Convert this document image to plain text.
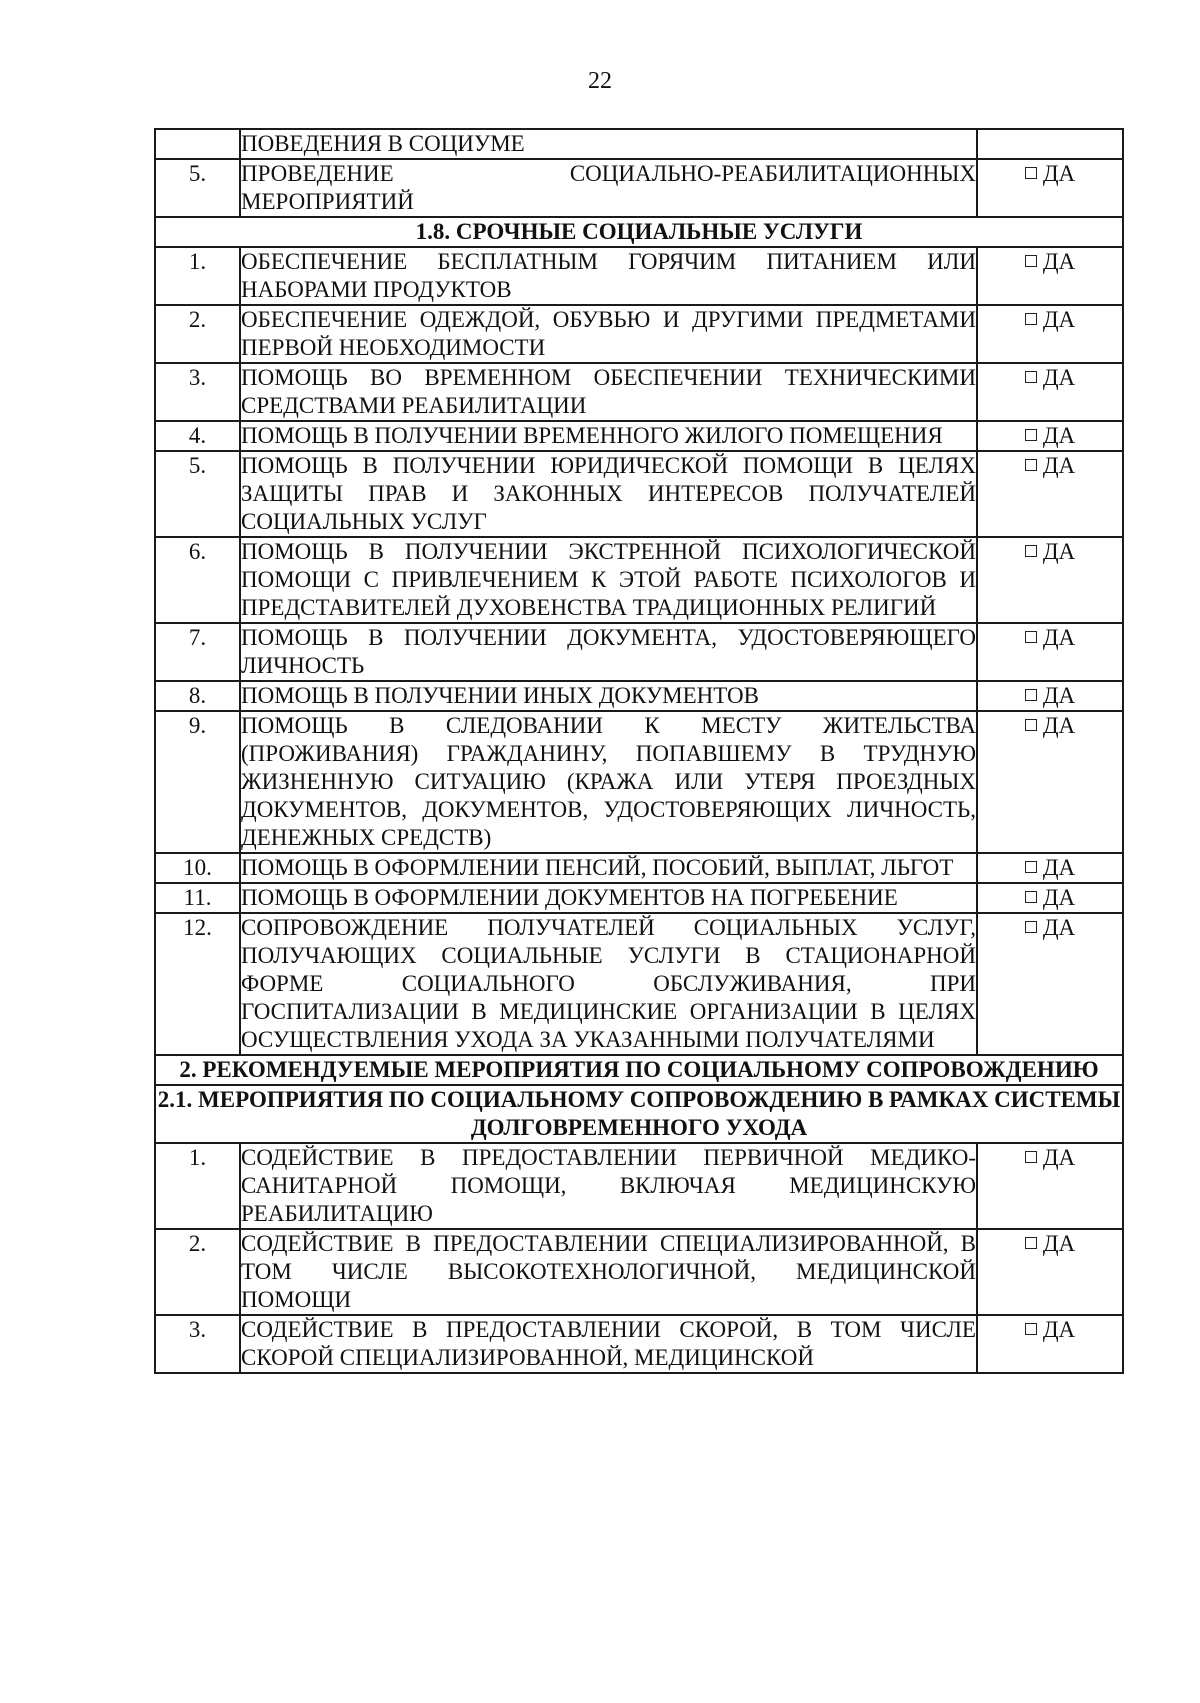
22
	ПОВЕДЕНИЯ В СОЦИУМЕ	
5.	ПРОВЕДЕНИЕ СОЦИАЛЬНО-РЕАБИЛИТАЦИОННЫХ МЕРОПРИЯТИЙ	ДА
1.8. СРОЧНЫЕ СОЦИАЛЬНЫЕ УСЛУГИ		
1.	ОБЕСПЕЧЕНИЕ БЕСПЛАТНЫМ ГОРЯЧИМ ПИТАНИЕМ ИЛИ НАБОРАМИ ПРОДУКТОВ	ДА
2.	ОБЕСПЕЧЕНИЕ ОДЕЖДОЙ, ОБУВЬЮ И ДРУГИМИ ПРЕДМЕТАМИ ПЕРВОЙ НЕОБХОДИМОСТИ	ДА
3.	ПОМОЩЬ ВО ВРЕМЕННОМ ОБЕСПЕЧЕНИИ ТЕХНИЧЕСКИМИ СРЕДСТВАМИ РЕАБИЛИТАЦИИ	ДА
4.	ПОМОЩЬ В ПОЛУЧЕНИИ ВРЕМЕННОГО ЖИЛОГО ПОМЕЩЕНИЯ	ДА
5.	ПОМОЩЬ В ПОЛУЧЕНИИ ЮРИДИЧЕСКОЙ ПОМОЩИ В ЦЕЛЯХ ЗАЩИТЫ ПРАВ И ЗАКОННЫХ ИНТЕРЕСОВ ПОЛУЧАТЕЛЕЙ СОЦИАЛЬНЫХ УСЛУГ	ДА
6.	ПОМОЩЬ В ПОЛУЧЕНИИ ЭКСТРЕННОЙ ПСИХОЛОГИЧЕСКОЙ ПОМОЩИ С ПРИВЛЕЧЕНИЕМ К ЭТОЙ РАБОТЕ ПСИХОЛОГОВ И ПРЕДСТАВИТЕЛЕЙ ДУХОВЕНСТВА ТРАДИЦИОННЫХ РЕЛИГИЙ	ДА
7.	ПОМОЩЬ В ПОЛУЧЕНИИ ДОКУМЕНТА, УДОСТОВЕРЯЮЩЕГО ЛИЧНОСТЬ	ДА
8.	ПОМОЩЬ В ПОЛУЧЕНИИ ИНЫХ ДОКУМЕНТОВ	ДА
9.	ПОМОЩЬ В СЛЕДОВАНИИ К МЕСТУ ЖИТЕЛЬСТВА (ПРОЖИВАНИЯ) ГРАЖДАНИНУ, ПОПАВШЕМУ В ТРУДНУЮ ЖИЗНЕННУЮ СИТУАЦИЮ (КРАЖА ИЛИ УТЕРЯ ПРОЕЗДНЫХ ДОКУМЕНТОВ, ДОКУМЕНТОВ, УДОСТОВЕРЯЮЩИХ ЛИЧНОСТЬ, ДЕНЕЖНЫХ СРЕДСТВ)	ДА
10.	ПОМОЩЬ В ОФОРМЛЕНИИ ПЕНСИЙ, ПОСОБИЙ, ВЫПЛАТ, ЛЬГОТ	ДА
11.	ПОМОЩЬ В ОФОРМЛЕНИИ ДОКУМЕНТОВ НА ПОГРЕБЕНИЕ	ДА
12.	СОПРОВОЖДЕНИЕ ПОЛУЧАТЕЛЕЙ СОЦИАЛЬНЫХ УСЛУГ, ПОЛУЧАЮЩИХ СОЦИАЛЬНЫЕ УСЛУГИ В СТАЦИОНАРНОЙ ФОРМЕ СОЦИАЛЬНОГО ОБСЛУЖИВАНИЯ, ПРИ ГОСПИТАЛИЗАЦИИ В МЕДИЦИНСКИЕ ОРГАНИЗАЦИИ В ЦЕЛЯХ ОСУЩЕСТВЛЕНИЯ УХОДА ЗА УКАЗАННЫМИ ПОЛУЧАТЕЛЯМИ	ДА
2. РЕКОМЕНДУЕМЫЕ МЕРОПРИЯТИЯ ПО СОЦИАЛЬНОМУ СОПРОВОЖДЕНИЮ		
2.1. МЕРОПРИЯТИЯ ПО СОЦИАЛЬНОМУ СОПРОВОЖДЕНИЮ В РАМКАХ СИСТЕМЫ ДОЛГОВРЕМЕННОГО УХОДА		
1.	СОДЕЙСТВИЕ В ПРЕДОСТАВЛЕНИИ ПЕРВИЧНОЙ МЕДИКО-САНИТАРНОЙ ПОМОЩИ, ВКЛЮЧАЯ МЕДИЦИНСКУЮ РЕАБИЛИТАЦИЮ	ДА
2.	СОДЕЙСТВИЕ В ПРЕДОСТАВЛЕНИИ СПЕЦИАЛИЗИРОВАННОЙ, В ТОМ ЧИСЛЕ ВЫСОКОТЕХНОЛОГИЧНОЙ, МЕДИЦИНСКОЙ ПОМОЩИ	ДА
3.	СОДЕЙСТВИЕ В ПРЕДОСТАВЛЕНИИ СКОРОЙ, В ТОМ ЧИСЛЕ СКОРОЙ СПЕЦИАЛИЗИРОВАННОЙ, МЕДИЦИНСКОЙ	ДА
